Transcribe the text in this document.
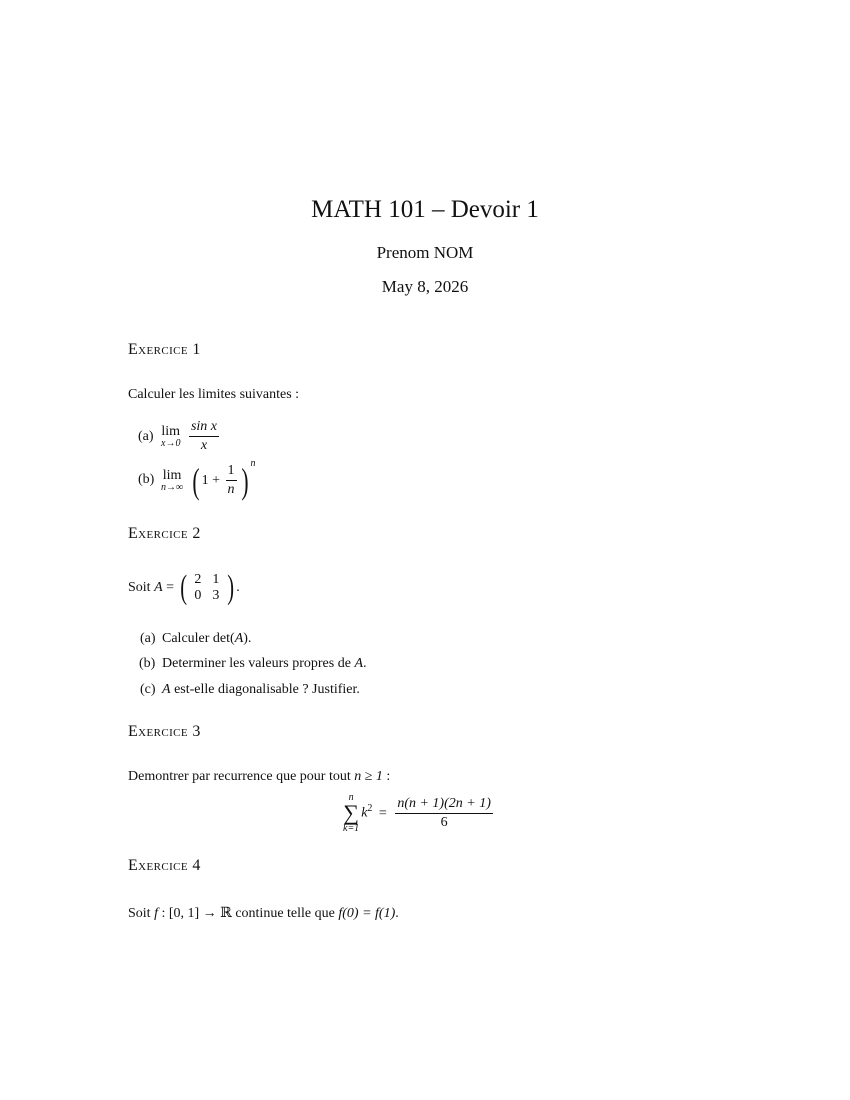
MATH 101 – Devoir 1
Prenom NOM
May 8, 2026
Exercice 1
Calculer les limites suivantes :
(a) lim
x→0
$\frac{\text{sin x}}{x}$
(b) lim
n→∞ ( $1 + \frac{1}{n}$ ) $^n$
Exercice 2
Soit A = ( 2 1
0 3 ) .
(a) Calculer det(A).
(b) Determiner les valeurs propres de A.
(c) A est-elle diagonalisable ? Justifier.
Exercice 3
Demontrer par recurrence que pour tout n ≥ 1 :
n
∑
k=1
$k^2 = \frac{n(n + 1)(2n + 1)}{6}$
Exercice 4
Soit f : [0, 1] → ℝ continue telle que f(0) = f(1).
